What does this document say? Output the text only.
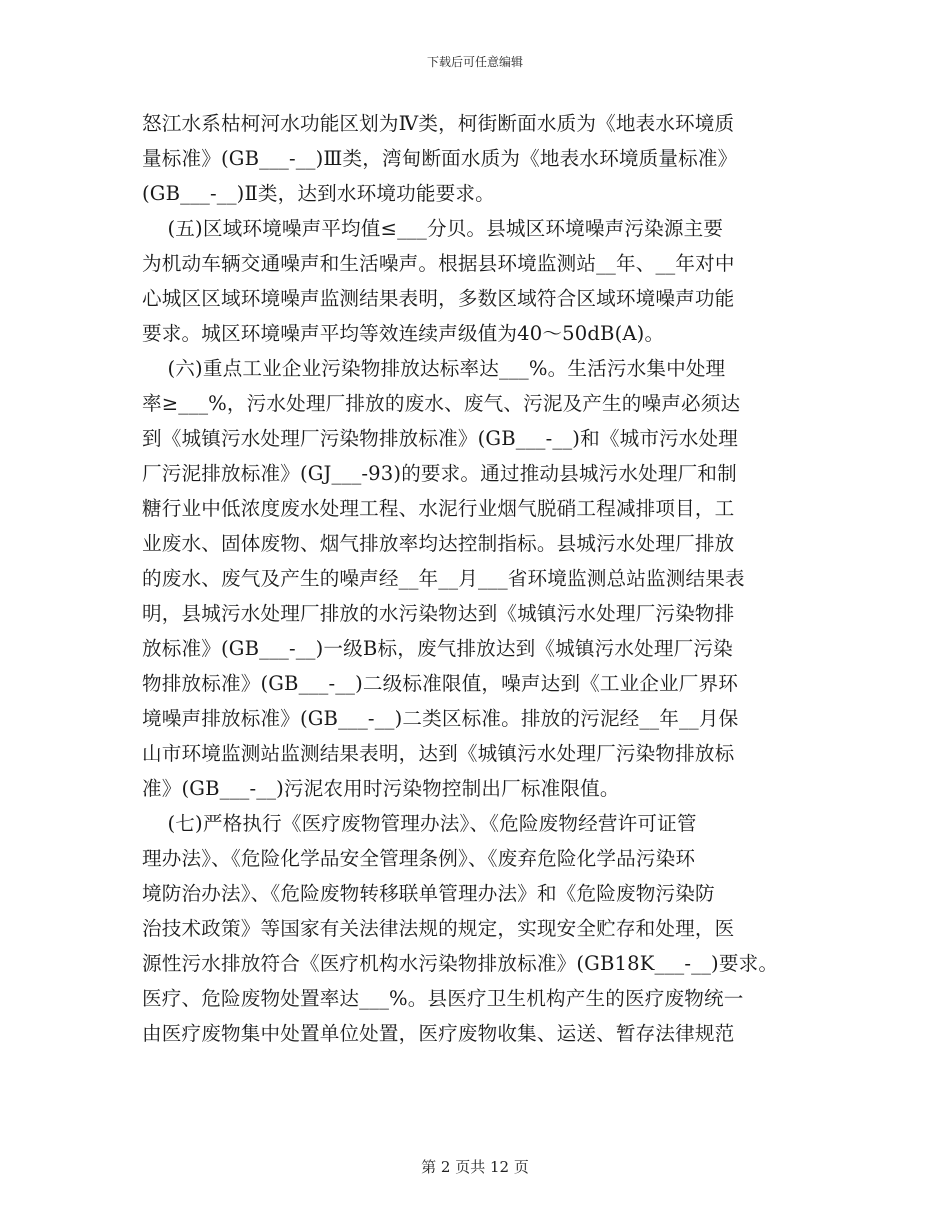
下载后可任意编辑
怒江水系枯柯河水功能区划为Ⅳ类，柯街断面水质为《地表水环境质
量标准》(GB___-__)Ⅲ类，湾甸断面水质为《地表水环境质量标准》
(GB___-__)Ⅱ类，达到水环境功能要求。
(五)区域环境噪声平均值≤___分贝。县城区环境噪声污染源主要
为机动车辆交通噪声和生活噪声。根据县环境监测站__年、__年对中
心城区区域环境噪声监测结果表明，多数区域符合区域环境噪声功能
要求。城区环境噪声平均等效连续声级值为40～50dB(A)。
(六)重点工业企业污染物排放达标率达___%。生活污水集中处理
率≥___%，污水处理厂排放的废水、废气、污泥及产生的噪声必须达
到《城镇污水处理厂污染物排放标准》(GB___-__)和《城市污水处理
厂污泥排放标准》(GJ___-93)的要求。通过推动县城污水处理厂和制
糖行业中低浓度废水处理工程、水泥行业烟气脱硝工程减排项目，工
业废水、固体废物、烟气排放率均达控制指标。县城污水处理厂排放
的废水、废气及产生的噪声经__年__月___省环境监测总站监测结果表
明，县城污水处理厂排放的水污染物达到《城镇污水处理厂污染物排
放标准》(GB___-__)一级B标，废气排放达到《城镇污水处理厂污染
物排放标准》(GB___-__)二级标准限值，噪声达到《工业企业厂界环
境噪声排放标准》(GB___-__)二类区标准。排放的污泥经__年__月保
山市环境监测站监测结果表明，达到《城镇污水处理厂污染物排放标
准》(GB___-__)污泥农用时污染物控制出厂标准限值。
(七)严格执行《医疗废物管理办法》、《危险废物经营许可证管
理办法》、《危险化学品安全管理条例》、《废弃危险化学品污染环
境防治办法》、《危险废物转移联单管理办法》和《危险废物污染防
治技术政策》等国家有关法律法规的规定，实现安全贮存和处理，医
源性污水排放符合《医疗机构水污染物排放标准》(GB18K___-__)要求。
医疗、危险废物处置率达___%。县医疗卫生机构产生的医疗废物统一
由医疗废物集中处置单位处置，医疗废物收集、运送、暂存法律规范
第 2 页共 12 页
